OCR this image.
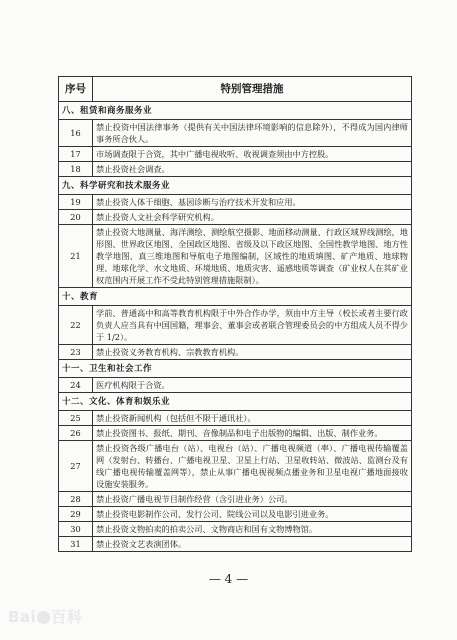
序号	特别管理措施
八、租赁和商务服务业	
16	禁止投资中国法律事务（提供有关中国法律环境影响的信息除外），不得成为国内律师事务所合伙人。
17	市场调查限于合资，其中广播电视收听、收视调查须由中方控股。
18	禁止投资社会调查。
九、科学研究和技术服务业	
19	禁止投资人体干细胞、基因诊断与治疗技术开发和应用。
20	禁止投资人文社会科学研究机构。
21	禁止投资大地测量、海洋测绘、测绘航空摄影、地面移动测量、行政区域界线测绘，地形图、世界政区地图、全国政区地图、省级及以下政区地图、全国性教学地图、地方性教学地图、真三维地图和导航电子地图编制，区域性的地质填图、矿产地质、地球物理、地球化学、水文地质、环境地质、地质灾害、遥感地质等调查（矿业权人在其矿业权范围内开展工作不受此特别管理措施限制）。
十、教育	
22	学前、普通高中和高等教育机构限于中外合作办学，须由中方主导（校长或者主要行政负责人应当具有中国国籍，理事会、董事会或者联合管理委员会的中方组成人员不得少于 1/2）。
23	禁止投资义务教育机构、宗教教育机构。
十一、卫生和社会工作	
24	医疗机构限于合资。
十二、文化、体育和娱乐业	
25	禁止投资新闻机构（包括但不限于通讯社）。
26	禁止投资图书、报纸、期刊、音像制品和电子出版物的编辑、出版、制作业务。
27	禁止投资各级广播电台（站）、电视台（站）、广播电视频道（率）、广播电视传输覆盖网（发射台、转播台、广播电视卫星、卫星上行站、卫星收转站、微波站、监测台及有线广播电视传输覆盖网等），禁止从事广播电视视频点播业务和卫星电视广播地面接收设施安装服务。
28	禁止投资广播电视节目制作经营（含引进业务）公司。
29	禁止投资电影制作公司、发行公司、院线公司以及电影引进业务。
30	禁止投资文物拍卖的拍卖公司、文物商店和国有文物博物馆。
31	禁止投资文艺表演团体。
— 4 —
Bai 百科
